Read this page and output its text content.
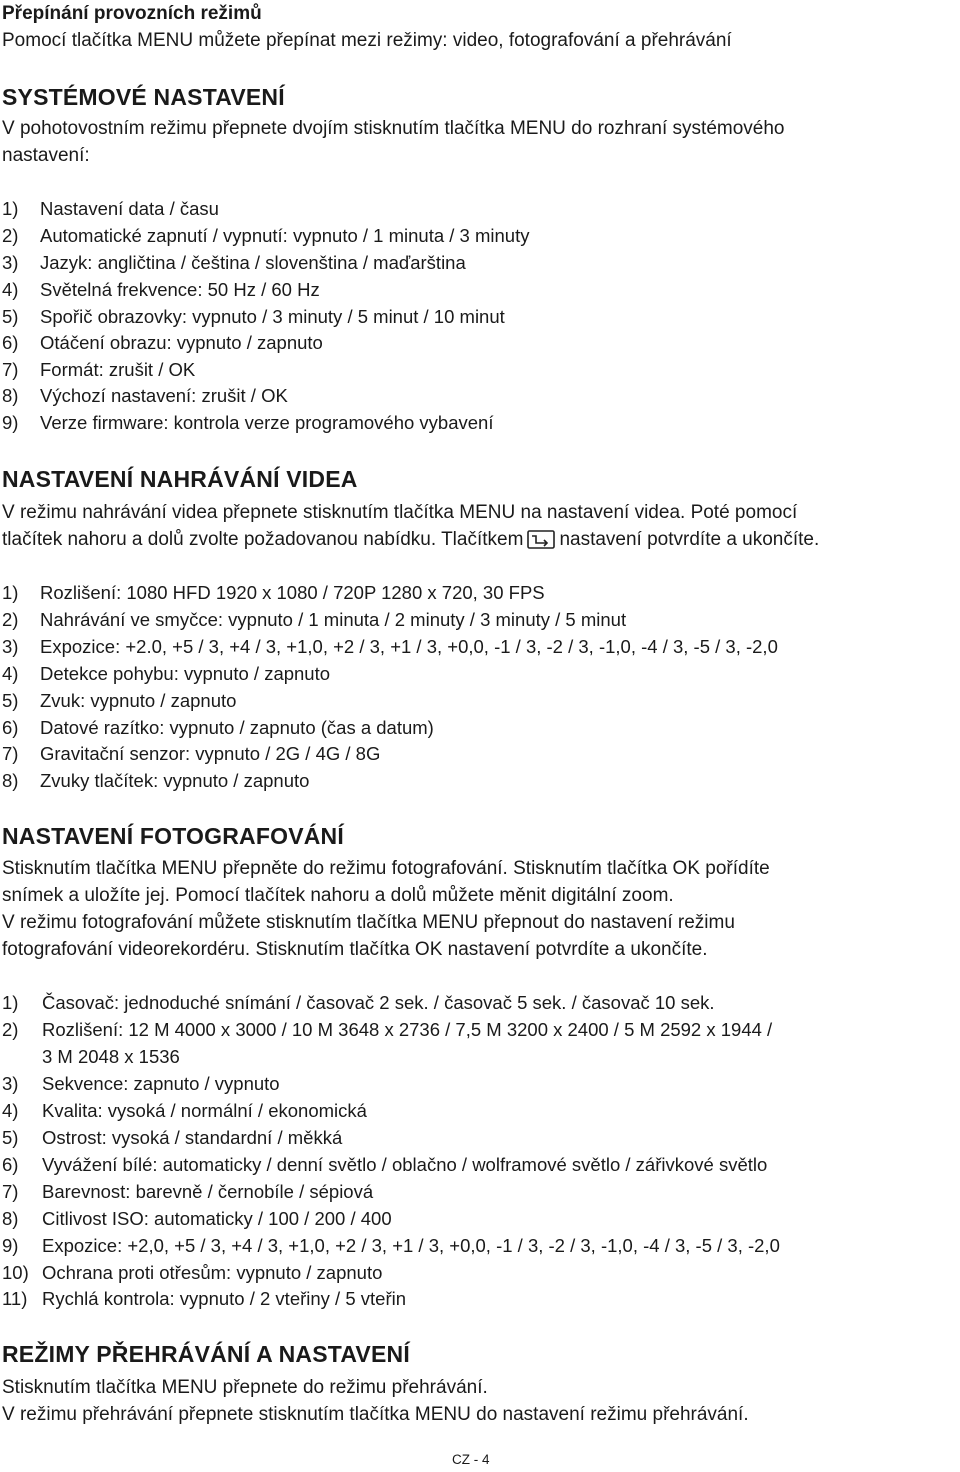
Přepínání provozních režimů
Pomocí tlačítka MENU můžete přepínat mezi režimy: video, fotografování a přehrávání
SYSTÉMOVÉ NASTAVENÍ
V pohotovostním režimu přepnete dvojím stisknutím tlačítka MENU do rozhraní systémového
nastavení:
1) Nastavení data / času
2) Automatické zapnutí / vypnutí: vypnuto / 1 minuta / 3 minuty
3) Jazyk: angličtina / čeština / slovenština / maďarština
4) Světelná frekvence: 50 Hz / 60 Hz
5) Spořič obrazovky: vypnuto / 3 minuty / 5 minut / 10 minut
6) Otáčení obrazu: vypnuto / zapnuto
7) Formát: zrušit / OK
8) Výchozí nastavení: zrušit / OK
9) Verze firmware: kontrola verze programového vybavení
NASTAVENÍ NAHRÁVÁNÍ VIDEA
V režimu nahrávání videa přepnete stisknutím tlačítka MENU na nastavení videa. Poté pomocí
tlačítek nahoru a dolů zvolte požadovanou nabídku. Tlačítkem nastavení potvrdíte a ukončíte.
1) Rozlišení: 1080 HFD 1920 x 1080 / 720P 1280 x 720, 30 FPS
2) Nahrávání ve smyčce: vypnuto / 1 minuta / 2 minuty / 3 minuty / 5 minut
3) Expozice: +2.0, +5 / 3, +4 / 3, +1,0, +2 / 3, +1 / 3, +0,0, -1 / 3, -2 / 3, -1,0, -4 / 3, -5 / 3, -2,0
4) Detekce pohybu: vypnuto / zapnuto
5) Zvuk: vypnuto / zapnuto
6) Datové razítko: vypnuto / zapnuto (čas a datum)
7) Gravitační senzor: vypnuto / 2G / 4G / 8G
8) Zvuky tlačítek: vypnuto / zapnuto
NASTAVENÍ FOTOGRAFOVÁNÍ
Stisknutím tlačítka MENU přepněte do režimu fotografování. Stisknutím tlačítka OK pořídíte
snímek a uložíte jej. Pomocí tlačítek nahoru a dolů můžete měnit digitální zoom.
V režimu fotografování můžete stisknutím tlačítka MENU přepnout do nastavení režimu
fotografování videorekordéru. Stisknutím tlačítka OK nastavení potvrdíte a ukončíte.
1) Časovač: jednoduché snímání / časovač 2 sek. / časovač 5 sek. / časovač 10 sek.
2) Rozlišení: 12 M 4000 x 3000 / 10 M 3648 x 2736 / 7,5 M 3200 x 2400 / 5 M 2592 x 1944 /
3 M 2048 x 1536
3) Sekvence: zapnuto / vypnuto
4) Kvalita: vysoká / normální / ekonomická
5) Ostrost: vysoká / standardní / měkká
6) Vyvážení bílé: automaticky / denní světlo / oblačno / wolframové světlo / zářivkové světlo
7) Barevnost: barevně / černobíle / sépiová
8) Citlivost ISO: automaticky / 100 / 200 / 400
9) Expozice: +2,0, +5 / 3, +4 / 3, +1,0, +2 / 3, +1 / 3, +0,0, -1 / 3, -2 / 3, -1,0, -4 / 3, -5 / 3, -2,0
10) Ochrana proti otřesům: vypnuto / zapnuto
11) Rychlá kontrola: vypnuto / 2 vteřiny / 5 vteřin
REŽIMY PŘEHRÁVÁNÍ A NASTAVENÍ
Stisknutím tlačítka MENU přepnete do režimu přehrávání.
V režimu přehrávání přepnete stisknutím tlačítka MENU do nastavení režimu přehrávání.
CZ - 4
